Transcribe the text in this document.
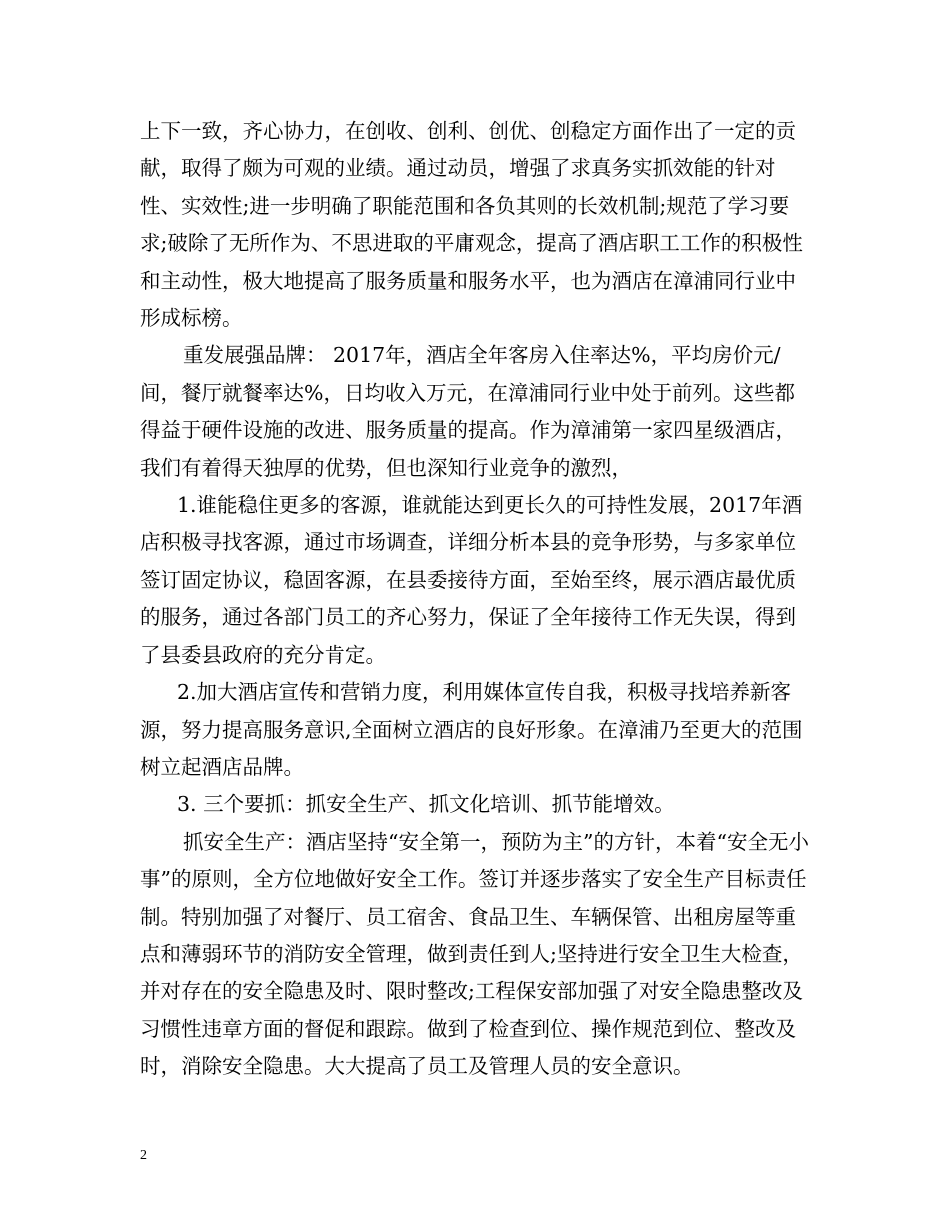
上下一致，齐心协力，在创收、创利、创优、创稳定方面作出了一定的贡献，取得了颇为可观的业绩。通过动员，增强了求真务实抓效能的针对性、实效性;进一步明确了职能范围和各负其则的长效机制;规范了学习要求;破除了无所作为、不思进取的平庸观念，提高了酒店职工工作的积极性和主动性，极大地提高了服务质量和服务水平，也为酒店在漳浦同行业中形成标榜。

重发展强品牌： 2017年，酒店全年客房入住率达%，平均房价元/间，餐厅就餐率达%，日均收入万元，在漳浦同行业中处于前列。这些都得益于硬件设施的改进、服务质量的提高。作为漳浦第一家四星级酒店，我们有着得天独厚的优势，但也深知行业竞争的激烈，

1.谁能稳住更多的客源，谁就能达到更长久的可持性发展，2017年酒店积极寻找客源，通过市场调查，详细分析本县的竞争形势，与多家单位签订固定协议，稳固客源，在县委接待方面，至始至终，展示酒店最优质的服务，通过各部门员工的齐心努力，保证了全年接待工作无失误，得到了县委县政府的充分肯定。

2.加大酒店宣传和营销力度，利用媒体宣传自我，积极寻找培养新客源，努力提高服务意识,全面树立酒店的良好形象。在漳浦乃至更大的范围树立起酒店品牌。

3. 三个要抓：抓安全生产、抓文化培训、抓节能增效。

抓安全生产：酒店坚持“安全第一，预防为主”的方针，本着“安全无小事”的原则，全方位地做好安全工作。签订并逐步落实了安全生产目标责任制。特别加强了对餐厅、员工宿舍、食品卫生、车辆保管、出租房屋等重点和薄弱环节的消防安全管理，做到责任到人;坚持进行安全卫生大检查，并对存在的安全隐患及时、限时整改;工程保安部加强了对安全隐患整改及习惯性违章方面的督促和跟踪。做到了检查到位、操作规范到位、整改及时，消除安全隐患。大大提高了员工及管理人员的安全意识。

2
